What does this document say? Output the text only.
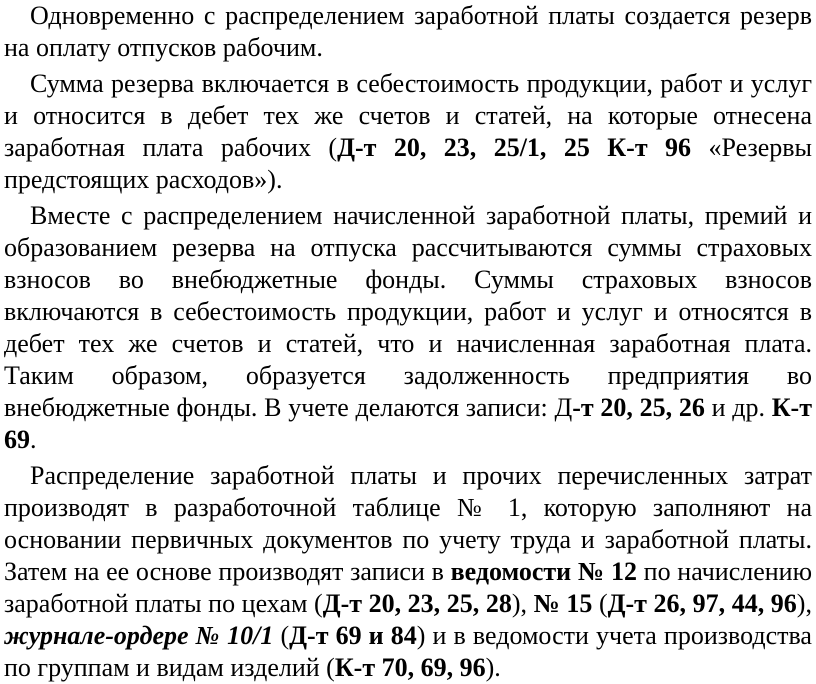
Одновременно с распределением заработной платы создается резерв на оплату отпусков рабочим.

Сумма резерва включается в себестоимость продукции, работ и услуг и относится в дебет тех же счетов и статей, на которые отнесена заработная плата рабочих (Д-т 20, 23, 25/1, 25 К-т 96 «Резервы предстоящих расходов»).

Вместе с распределением начисленной заработной платы, премий и образованием резерва на отпуска рассчитываются суммы страховых взносов во внебюджетные фонды. Суммы страховых взносов включаются в себестоимость продукции, работ и услуг и относятся в дебет тех же счетов и статей, что и начисленная заработная плата. Таким образом, образуется задолженность предприятия во внебюджетные фонды. В учете делаются записи: Д-т 20, 25, 26 и др. К-т 69.

Распределение заработной платы и прочих перечисленных затрат производят в разработочной таблице № 1, которую заполняют на основании первичных документов по учету труда и заработной платы. Затем на ее основе производят записи в ведомости № 12 по начислению заработной платы по цехам (Д-т 20, 23, 25, 28), № 15 (Д-т 26, 97, 44, 96), журнале-ордере № 10/1 (Д-т 69 и 84) и в ведомости учета производства по группам и видам изделий (К-т 70, 69, 96).
